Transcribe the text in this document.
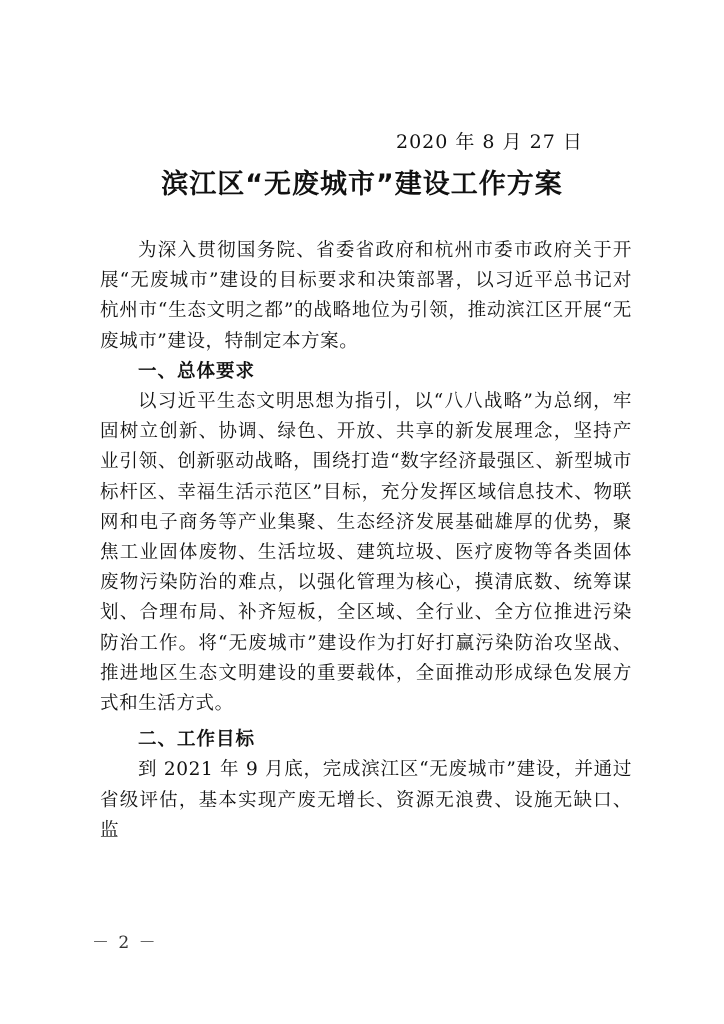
2020 年 8 月 27 日
滨江区“无废城市”建设工作方案

为深入贯彻国务院、省委省政府和杭州市委市政府关于开展“无废城市”建设的目标要求和决策部署，以习近平总书记对杭州市“生态文明之都”的战略地位为引领，推动滨江区开展“无废城市”建设，特制定本方案。

一、总体要求

以习近平生态文明思想为指引，以“八八战略”为总纲，牢固树立创新、协调、绿色、开放、共享的新发展理念，坚持产业引领、创新驱动战略，围绕打造“数字经济最强区、新型城市标杆区、幸福生活示范区”目标，充分发挥区域信息技术、物联网和电子商务等产业集聚、生态经济发展基础雄厚的优势，聚焦工业固体废物、生活垃圾、建筑垃圾、医疗废物等各类固体废物污染防治的难点，以强化管理为核心，摸清底数、统筹谋划、合理布局、补齐短板，全区域、全行业、全方位推进污染防治工作。将“无废城市”建设作为打好打赢污染防治攻坚战、推进地区生态文明建设的重要载体，全面推动形成绿色发展方式和生活方式。

二、工作目标

到 2021 年 9 月底，完成滨江区“无废城市”建设，并通过省级评估，基本实现产废无增长、资源无浪费、设施无缺口、监

－ 2 －
